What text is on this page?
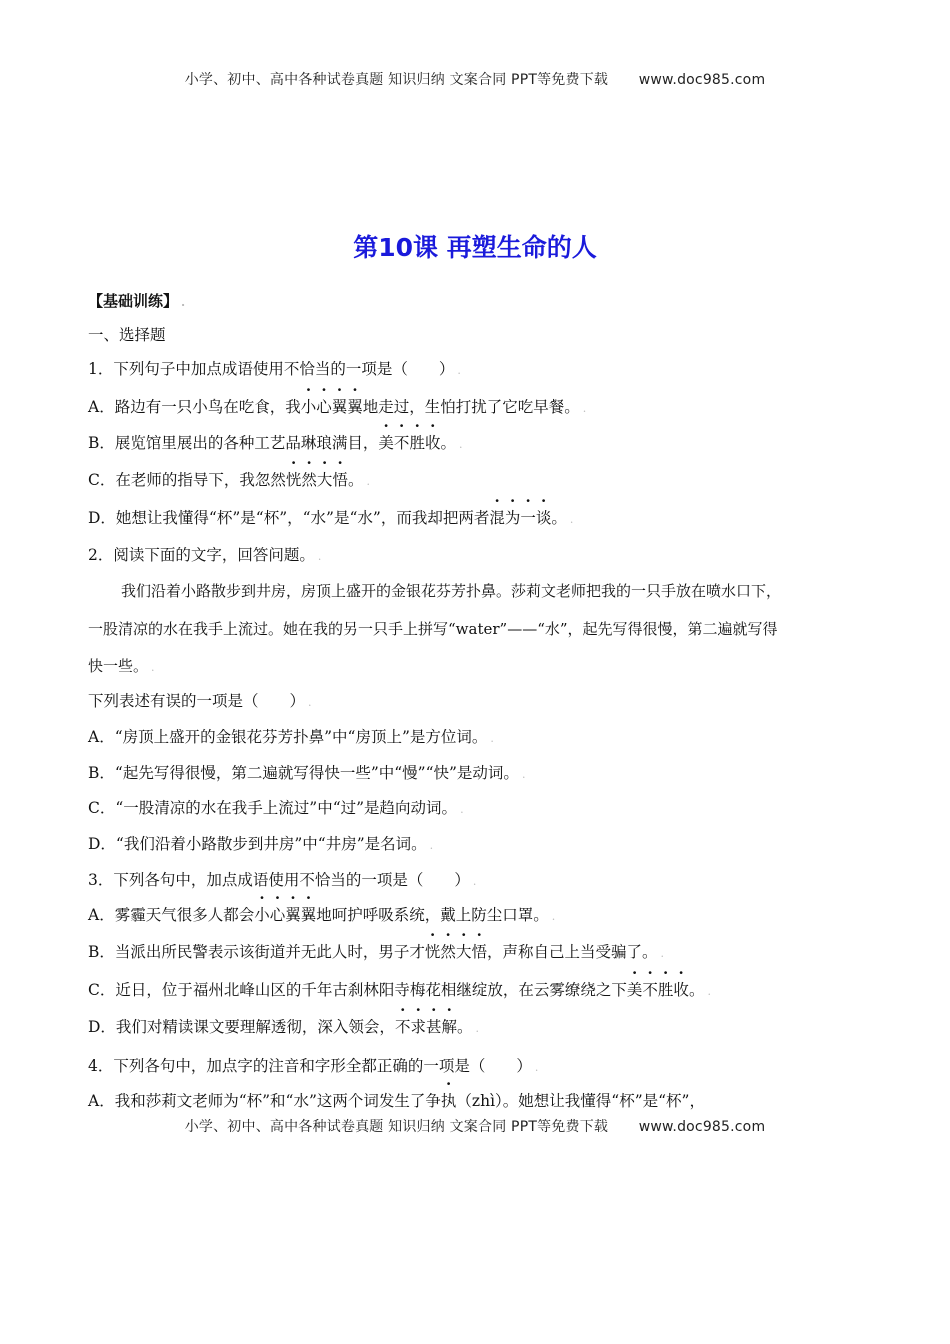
小学、初中、高中各种试卷真题 知识归纳 文案合同 PPT等免费下载 www.doc985.com
第10课 再塑生命的人
【基础训练】 .
一、选择题
1．下列句子中加点成语使用不恰当的一项是（　　） .
A．路边有一只小鸟在吃食，我小心翼翼地走过，生怕打扰了它吃早餐。 .
B．展览馆里展出的各种工艺品琳琅满目，美不胜收。 .
C．在老师的指导下，我忽然恍然大悟。 .
D．她想让我懂得“杯”是“杯”，“水”是“水”，而我却把两者混为一谈。 .
2．阅读下面的文字，回答问题。 .
我们沿着小路散步到井房，房顶上盛开的金银花芬芳扑鼻。莎莉文老师把我的一只手放在喷水口下，
一股清凉的水在我手上流过。她在我的另一只手上拼写“water”——“水”，起先写得很慢，第二遍就写得
快一些。 .
下列表述有误的一项是（　　） .
A．“房顶上盛开的金银花芬芳扑鼻”中“房顶上”是方位词。 .
B．“起先写得很慢，第二遍就写得快一些”中“慢”“快”是动词。 .
C．“一股清凉的水在我手上流过”中“过”是趋向动词。 .
D．“我们沿着小路散步到井房”中“井房”是名词。 .
3．下列各句中，加点成语使用不恰当的一项是（　　） .
A．雾霾天气很多人都会小心翼翼地呵护呼吸系统，戴上防尘口罩。 .
B．当派出所民警表示该街道并无此人时，男子才恍然大悟，声称自己上当受骗了。 .
C．近日，位于福州北峰山区的千年古刹林阳寺梅花相继绽放，在云雾缭绕之下美不胜收。 .
D．我们对精读课文要理解透彻，深入领会，不求甚解。 .
4．下列各句中，加点字的注音和字形全都正确的一项是（　　） .
A．我和莎莉文老师为“杯”和“水”这两个词发生了争执（zhì）。她想让我懂得“杯”是“杯”，
小学、初中、高中各种试卷真题 知识归纳 文案合同 PPT等免费下载 www.doc985.com
